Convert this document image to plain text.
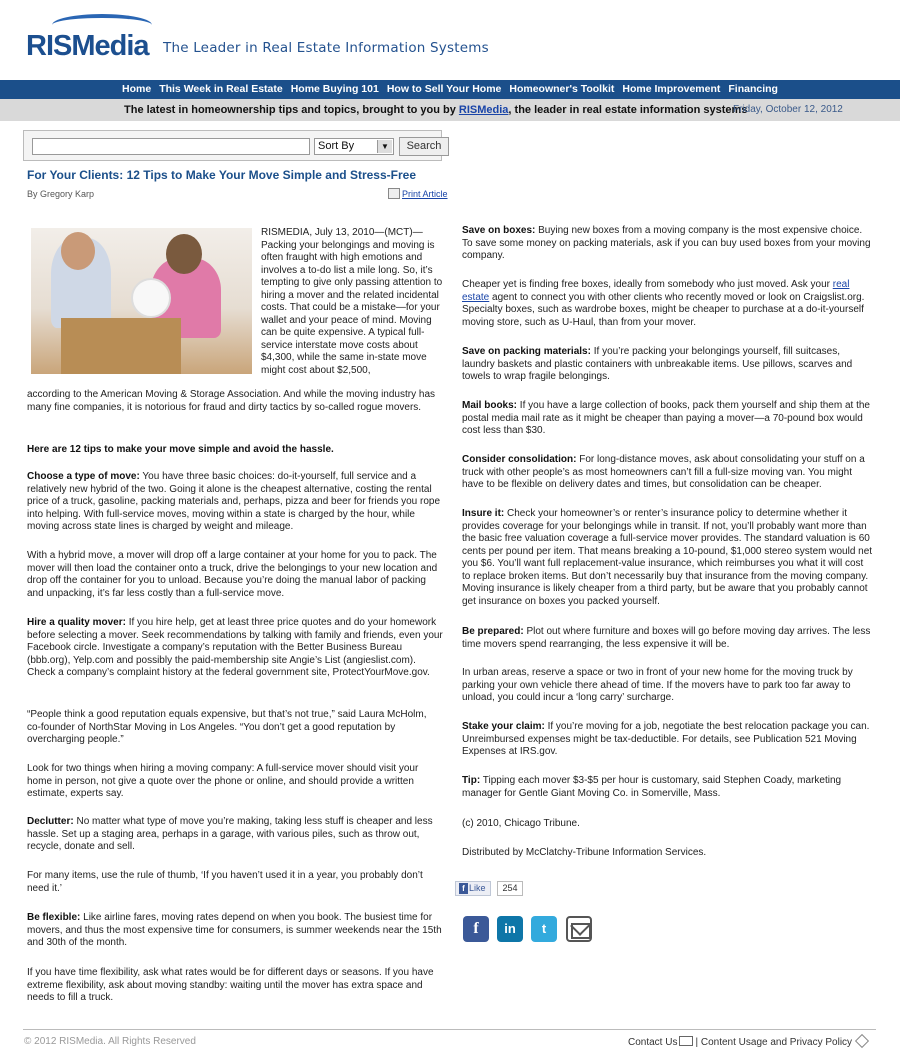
RISMedia The Leader in Real Estate Information Systems
Home This Week in Real Estate Home Buying 101 How to Sell Your Home Homeowner's Toolkit Home Improvement Financing
The latest in homeownership tips and topics, brought to you by RISMedia, the leader in real estate information systems
Friday, October 12, 2012
Sort By	▼	Search
For Your Clients: 12 Tips to Make Your Move Simple and Stress-Free
By Gregory Karp	Print Article
RISMEDIA, July 13, 2010—(MCT)—Packing your belongings and moving is often fraught with high emotions and involves a to-do list a mile long. So, it’s tempting to give only passing attention to hiring a mover and the related incidental costs. That could be a mistake—for your wallet and your peace of mind. Moving can be quite expensive. A typical full-service interstate move costs about $4,300, while the same in-state move might cost about $2,500,
according to the American Moving & Storage Association. And while the moving industry has many fine companies, it is notorious for fraud and dirty tactics by so-called rogue movers.
Here are 12 tips to make your move simple and avoid the hassle.
Choose a type of move: You have three basic choices: do-it-yourself, full service and a relatively new hybrid of the two. Going it alone is the cheapest alternative, costing the rental price of a truck, gasoline, packing materials and, perhaps, pizza and beer for friends you rope into helping. With full-service moves, moving within a state is charged by the hour, while moving across state lines is charged by weight and mileage.
With a hybrid move, a mover will drop off a large container at your home for you to pack. The mover will then load the container onto a truck, drive the belongings to your new location and drop off the container for you to unload. Because you’re doing the manual labor of packing and unpacking, it’s far less costly than a full-service move.
Hire a quality mover: If you hire help, get at least three price quotes and do your homework before selecting a mover. Seek recommendations by talking with family and friends, even your Facebook circle. Investigate a company’s reputation with the Better Business Bureau (bbb.org), Yelp.com and possibly the paid-membership site Angie’s List (angieslist.com). Check a company’s complaint history at the federal government site, ProtectYourMove.gov.
“People think a good reputation equals expensive, but that’s not true,” said Laura McHolm, co-founder of NorthStar Moving in Los Angeles. “You don’t get a good reputation by overcharging people.”
Look for two things when hiring a moving company: A full-service mover should visit your home in person, not give a quote over the phone or online, and should provide a written estimate, experts say.
Declutter: No matter what type of move you’re making, taking less stuff is cheaper and less hassle. Set up a staging area, perhaps in a garage, with various piles, such as throw out, recycle, donate and sell.
For many items, use the rule of thumb, ‘If you haven’t used it in a year, you probably don’t need it.’
Be flexible: Like airline fares, moving rates depend on when you book. The busiest time for movers, and thus the most expensive time for consumers, is summer weekends near the 15th and 30th of the month.
If you have time flexibility, ask what rates would be for different days or seasons. If you have extreme flexibility, ask about moving standby: waiting until the mover has extra space and needs to fill a truck.
Save on boxes: Buying new boxes from a moving company is the most expensive choice. To save some money on packing materials, ask if you can buy used boxes from your moving company.
Cheaper yet is finding free boxes, ideally from somebody who just moved. Ask your real estate agent to connect you with other clients who recently moved or look on Craigslist.org. Specialty boxes, such as wardrobe boxes, might be cheaper to purchase at a do-it-yourself moving store, such as U-Haul, than from your mover.
Save on packing materials: If you’re packing your belongings yourself, fill suitcases, laundry baskets and plastic containers with unbreakable items. Use pillows, scarves and towels to wrap fragile belongings.
Mail books: If you have a large collection of books, pack them yourself and ship them at the postal media mail rate as it might be cheaper than paying a mover—a 70-pound box would cost less than $30.
Consider consolidation: For long-distance moves, ask about consolidating your stuff on a truck with other people’s as most homeowners can’t fill a full-size moving van. You might have to be flexible on delivery dates and times, but consolidation can be cheaper.
Insure it: Check your homeowner’s or renter’s insurance policy to determine whether it provides coverage for your belongings while in transit. If not, you’ll probably want more than the basic free valuation coverage a full-service mover provides. The standard valuation is 60 cents per pound per item. That means breaking a 10-pound, $1,000 stereo system would net you $6. You’ll want full replacement-value insurance, which reimburses you what it will cost to replace broken items. But don’t necessarily buy that insurance from the moving company. Moving insurance is likely cheaper from a third party, but be aware that you probably cannot get insurance on boxes you packed yourself.
Be prepared: Plot out where furniture and boxes will go before moving day arrives. The less time movers spend rearranging, the less expensive it will be.
In urban areas, reserve a space or two in front of your new home for the moving truck by parking your own vehicle there ahead of time. If the movers have to park too far away to unload, you could incur a ‘long carry’ surcharge.
Stake your claim: If you’re moving for a job, negotiate the best relocation package you can. Unreimbursed expenses might be tax-deductible. For details, see Publication 521 Moving Expenses at IRS.gov.
Tip: Tipping each mover $3-$5 per hour is customary, said Stephen Coady, marketing manager for Gentle Giant Moving Co. in Somerville, Mass.
(c) 2010, Chicago Tribune.
Distributed by McClatchy-Tribune Information Services.
f Like	254
f	in	t
© 2012 RISMedia. All Rights Reserved	Contact Us | Content Usage and Privacy Policy
